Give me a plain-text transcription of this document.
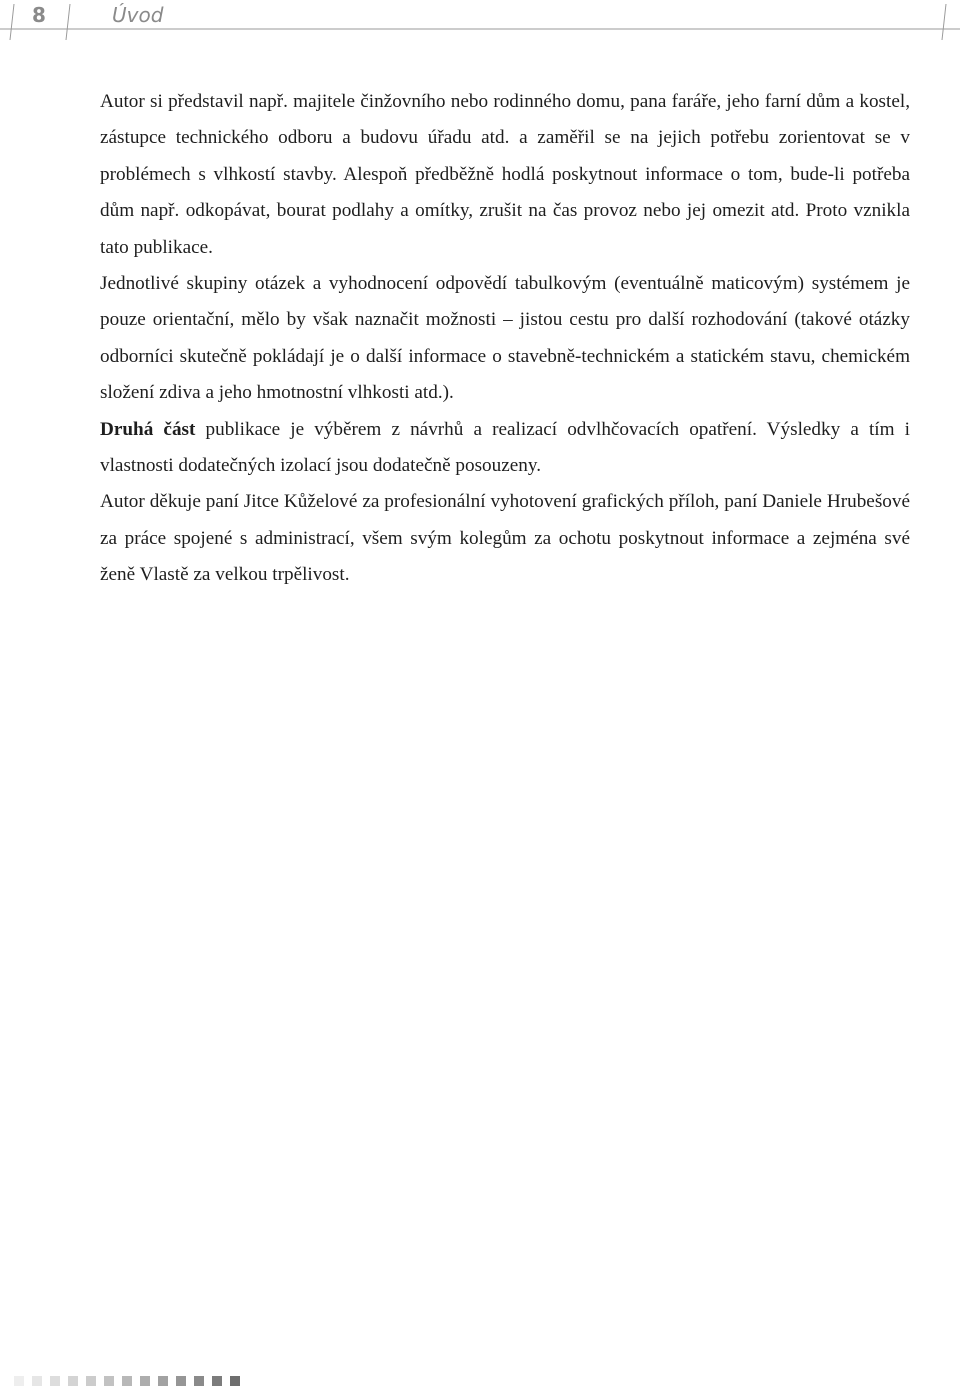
8	Úvod

Autor si představil např. majitele činžovního nebo rodinného domu, pana faráře, jeho farní dům a kostel, zástupce technického odboru a budovu úřadu atd. a zaměřil se na jejich potřebu zorientovat se v problémech s vlhkostí stavby. Alespoň předběžně hodlá poskytnout informace o tom, bude-li potřeba dům např. odkopávat, bourat podlahy a omítky, zrušit na čas provoz nebo jej omezit atd. Proto vznikla tato publikace.

Jednotlivé skupiny otázek a vyhodnocení odpovědí tabulkovým (eventuálně maticovým) systémem je pouze orientační, mělo by však naznačit možnosti – jistou cestu pro další rozhodování (takové otázky odborníci skutečně pokládají je o další informace o stavebně-technickém a statickém stavu, chemickém složení zdiva a jeho hmotnostní vlhkosti atd.).

Druhá část publikace je výběrem z návrhů a realizací odvlhčovacích opatření. Výsledky a tím i vlastnosti dodatečných izolací jsou dodatečně posouzeny.

Autor děkuje paní Jitce Kůželové za profesionální vyhotovení grafických příloh, paní Daniele Hrubešové za práce spojené s administrací, všem svým kolegům za ochotu poskytnout informace a zejména své ženě Vlastě za velkou trpělivost.
